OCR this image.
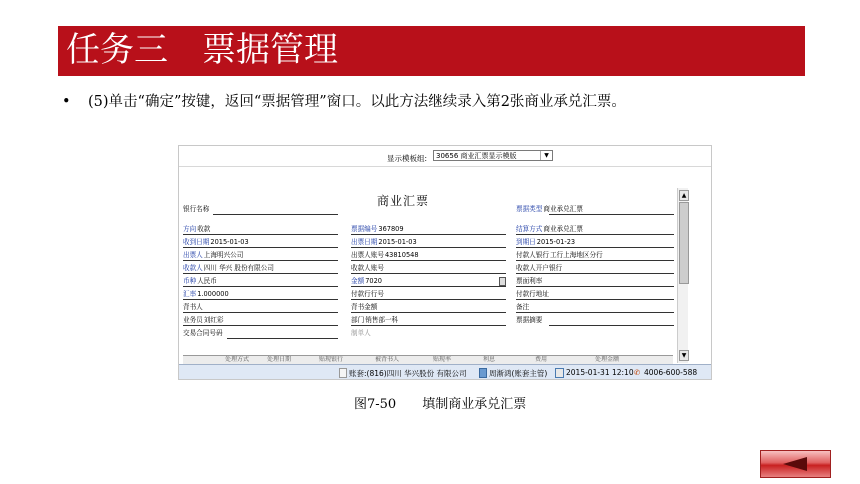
任务三　票据管理
• (5)单击“确定”按键，返回“票据管理”窗口。以此方法继续录入第2张商业承兑汇票。
显示模板组:	30656 商业汇票显示模版	▼
商业汇票
银行名称	票据类型商业承兑汇票
方向收款	票据编号367809	结算方式商业承兑汇票
收到日期2015-01-03	出票日期2015-01-03	到期日2015-01-23
出票人上海明兴公司	出票人账号43810548	付款人银行工行上海地区分行
收款人四川 华兴 股份有限公司	收款人账号	收款人开户银行
币种人民币	金额7020	票面利率
汇率1.000000	付款行行号	付款行地址
背书人	背书金额	备注
业务员刘红彩	部门销售部一科	票据摘要
交易合同号码	制单人
▲
▼
处理方式	处理日期	贴现银行	被背书人	贴现率	利息	费用	处理金额
账套:(816)四川 华兴股份 有限公司	周渐鸿(账套主管) 2015-01-31 12:10 ✆ 4006-600-588
图7-50　　填制商业承兑汇票
